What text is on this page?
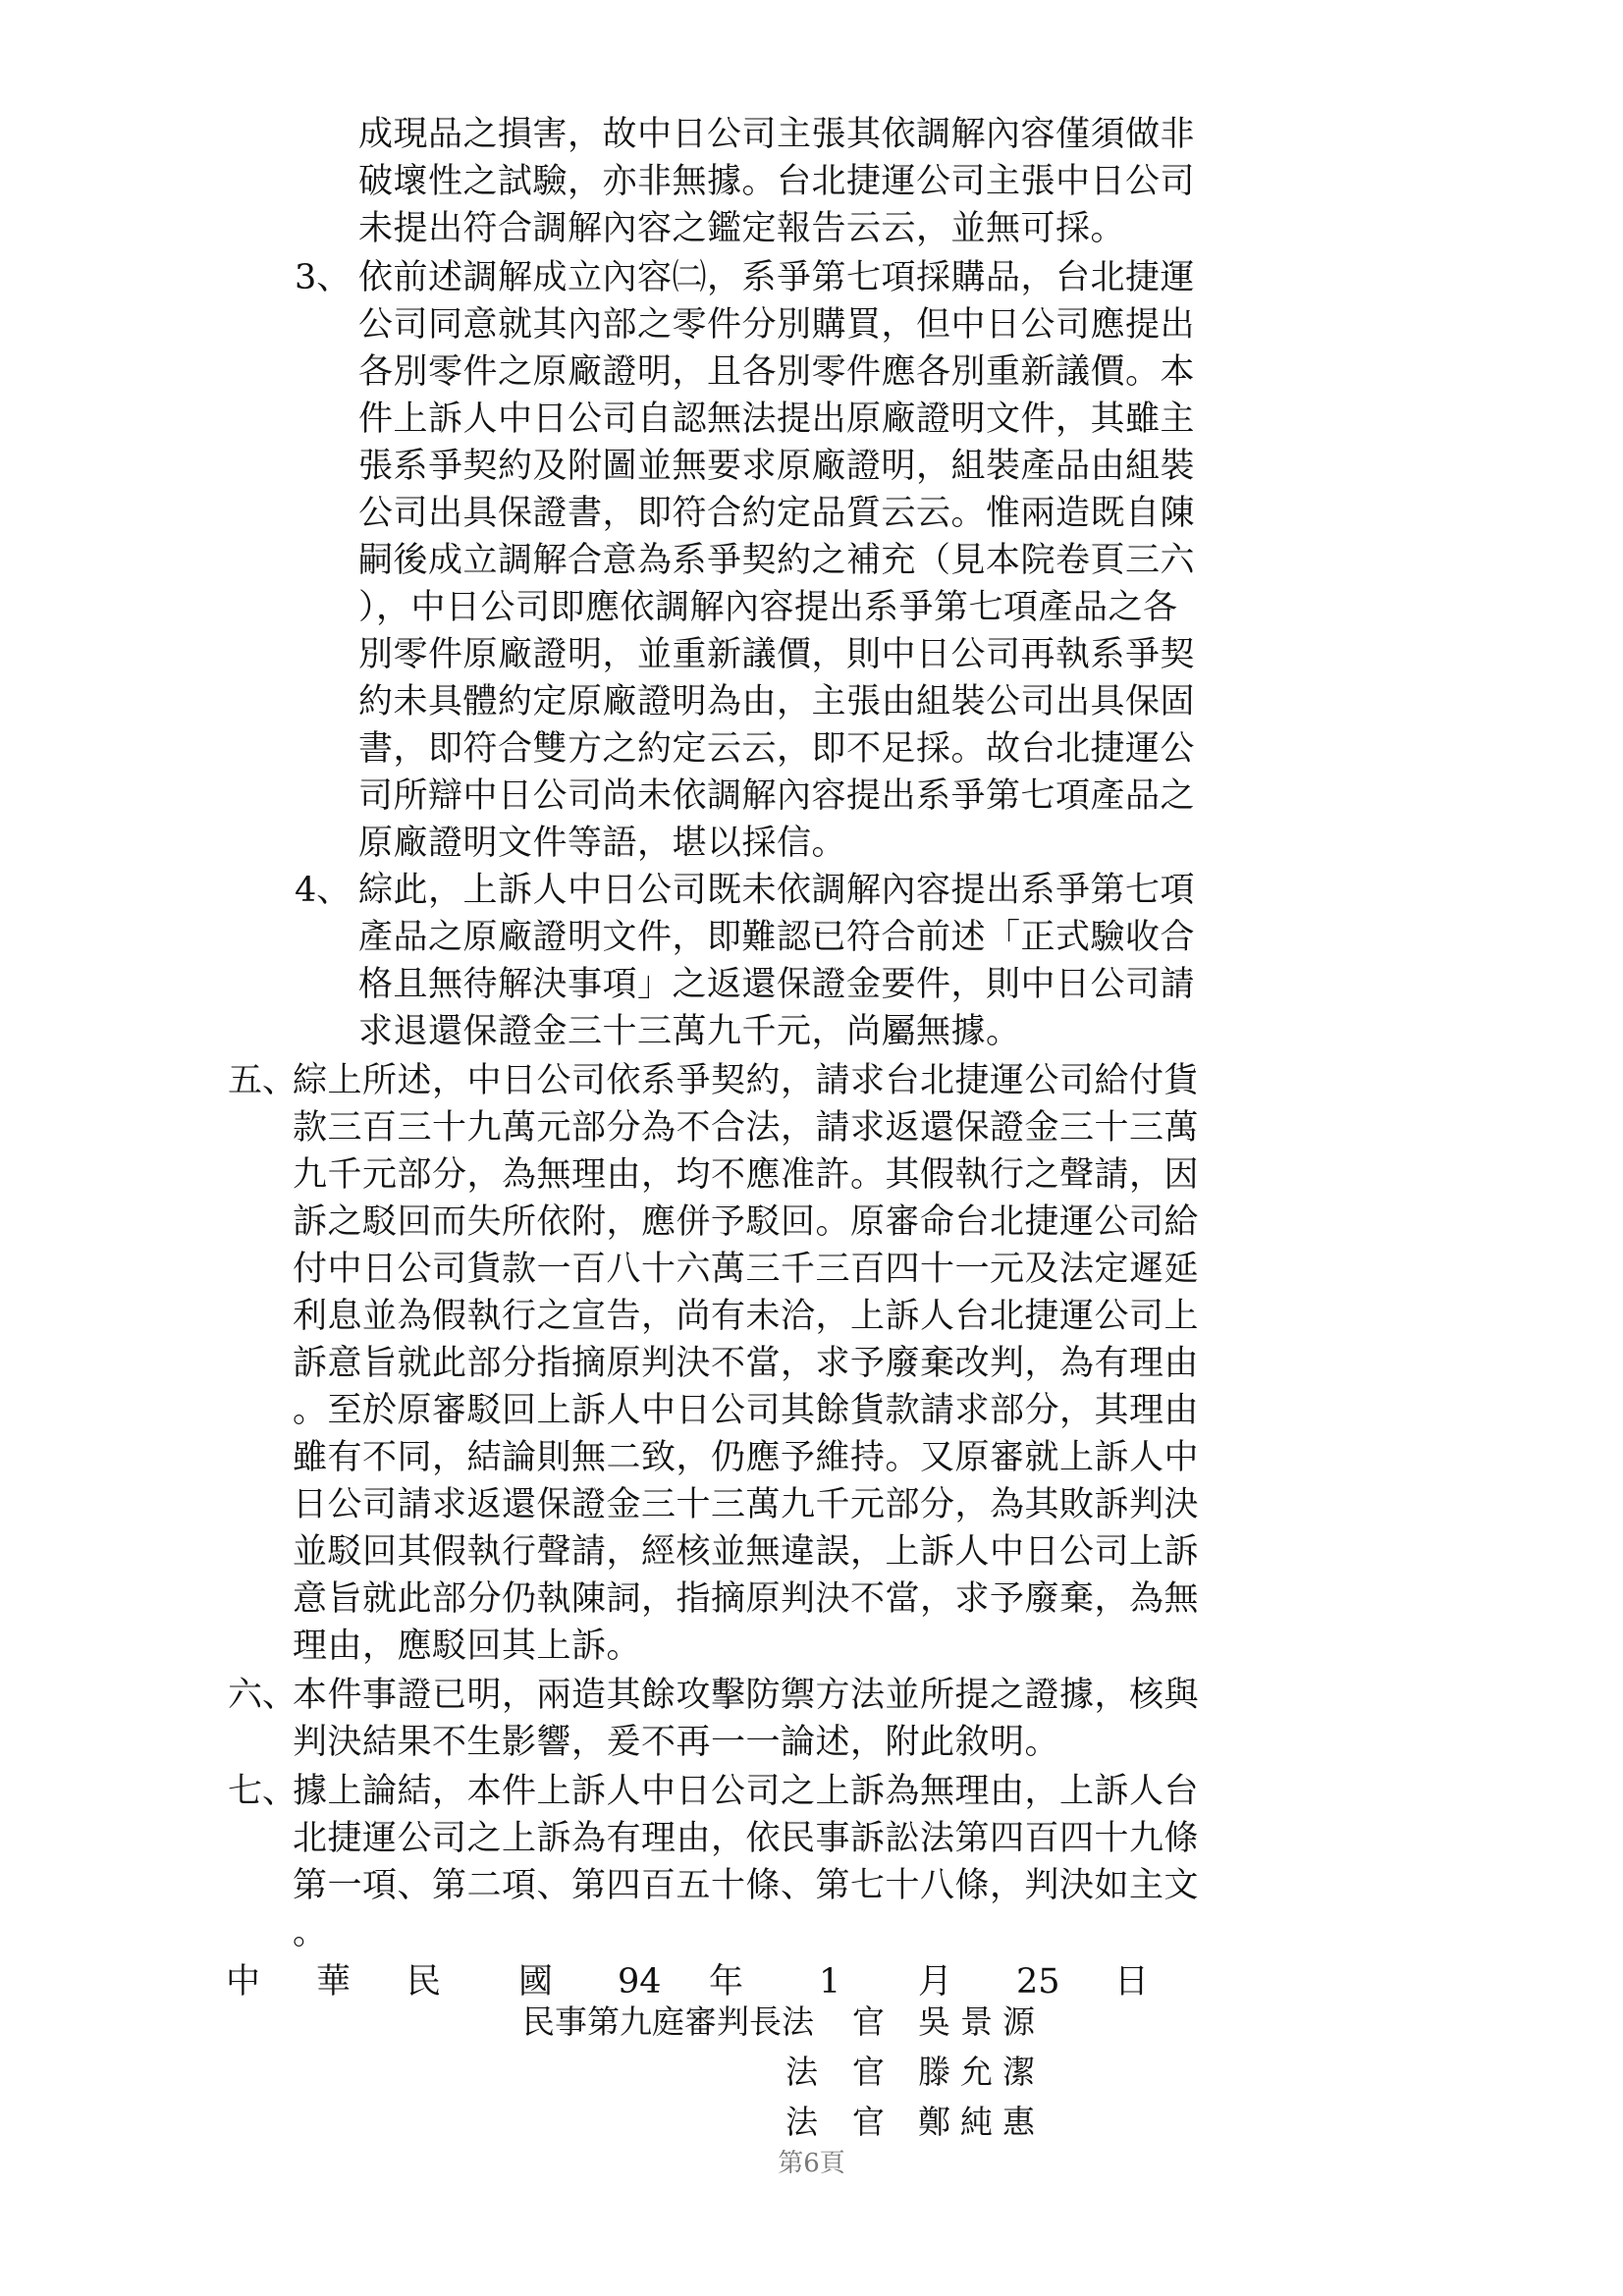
成現品之損害，故中日公司主張其依調解內容僅須做非
破壞性之試驗，亦非無據。台北捷運公司主張中日公司
未提出符合調解內容之鑑定報告云云，並無可採。
3、 依前述調解成立內容㈡，系爭第七項採購品，台北捷運
公司同意就其內部之零件分別購買，但中日公司應提出
各別零件之原廠證明，且各別零件應各別重新議價。本
件上訴人中日公司自認無法提出原廠證明文件，其雖主
張系爭契約及附圖並無要求原廠證明，組裝產品由組裝
公司出具保證書，即符合約定品質云云。惟兩造既自陳
嗣後成立調解合意為系爭契約之補充（見本院卷頁三六
），中日公司即應依調解內容提出系爭第七項產品之各
別零件原廠證明，並重新議價，則中日公司再執系爭契
約未具體約定原廠證明為由，主張由組裝公司出具保固
書，即符合雙方之約定云云，即不足採。故台北捷運公
司所辯中日公司尚未依調解內容提出系爭第七項產品之
原廠證明文件等語，堪以採信。
4、 綜此，上訴人中日公司既未依調解內容提出系爭第七項
產品之原廠證明文件，即難認已符合前述「正式驗收合
格且無待解決事項」之返還保證金要件，則中日公司請
求退還保證金三十三萬九千元，尚屬無據。
五、
綜上所述，中日公司依系爭契約，請求台北捷運公司給付貨
款三百三十九萬元部分為不合法，請求返還保證金三十三萬
九千元部分，為無理由，均不應准許。其假執行之聲請，因
訴之駁回而失所依附，應併予駁回。原審命台北捷運公司給
付中日公司貨款一百八十六萬三千三百四十一元及法定遲延
利息並為假執行之宣告，尚有未洽，上訴人台北捷運公司上
訴意旨就此部分指摘原判決不當，求予廢棄改判，為有理由
。至於原審駁回上訴人中日公司其餘貨款請求部分，其理由
雖有不同，結論則無二致，仍應予維持。又原審就上訴人中
日公司請求返還保證金三十三萬九千元部分，為其敗訴判決
並駁回其假執行聲請，經核並無違誤，上訴人中日公司上訴
意旨就此部分仍執陳詞，指摘原判決不當，求予廢棄，為無
理由，應駁回其上訴。
六、
本件事證已明，兩造其餘攻擊防禦方法並所提之證據，核與
判決結果不生影響，爰不再一一論述，附此敘明。
七、
據上論結，本件上訴人中日公司之上訴為無理由，上訴人台
北捷運公司之上訴為有理由，依民事訴訟法第四百四十九條
第一項、第二項、第四百五十條、第七十八條，判決如主文
。
中 華 民 國 94 年 1 月 25 日
民事第九庭審判長法 官 吳景源
法 官 滕允潔
法 官 鄭純惠
第6頁
